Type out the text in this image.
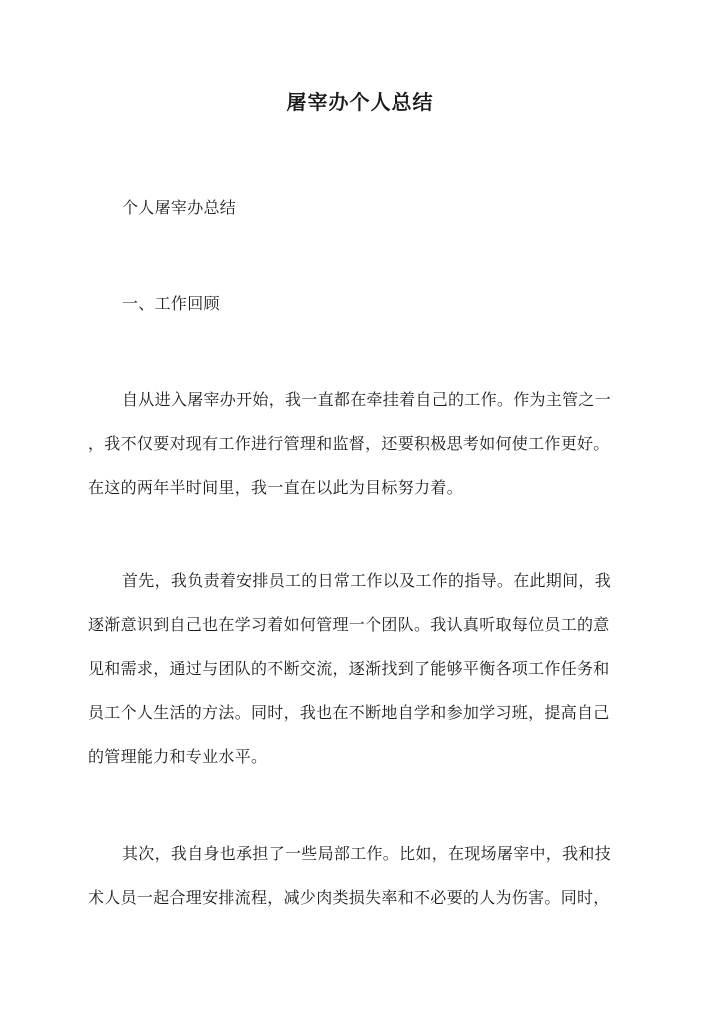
屠宰办个人总结
个人屠宰办总结
一、工作回顾
自从进入屠宰办开始，我一直都在牵挂着自己的工作。作为主管之一
，我不仅要对现有工作进行管理和监督，还要积极思考如何使工作更好。
在这的两年半时间里，我一直在以此为目标努力着。
首先，我负责着安排员工的日常工作以及工作的指导。在此期间，我
逐渐意识到自己也在学习着如何管理一个团队。我认真听取每位员工的意
见和需求，通过与团队的不断交流，逐渐找到了能够平衡各项工作任务和
员工个人生活的方法。同时，我也在不断地自学和参加学习班，提高自己
的管理能力和专业水平。
其次，我自身也承担了一些局部工作。比如，在现场屠宰中，我和技
术人员一起合理安排流程，减少肉类损失率和不必要的人为伤害。同时，
